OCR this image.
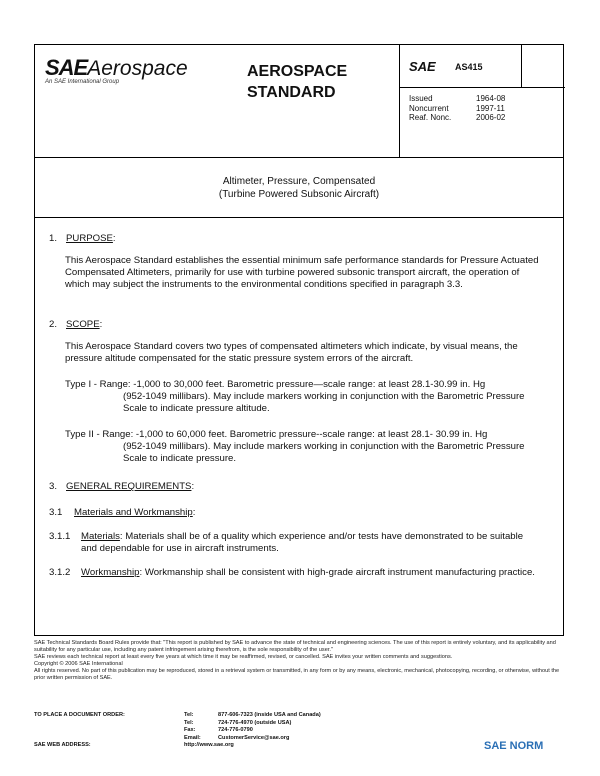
SAEAerospace
An SAE International Group
AEROSPACE
STANDARD
SAE AS415
Issued	1964-08
Noncurrent	1997-11
Reaf. Nonc.	2006-02
Altimeter, Pressure, Compensated
(Turbine Powered Subsonic Aircraft)
1. PURPOSE:
This Aerospace Standard establishes the essential minimum safe performance standards for Pressure Actuated Compensated Altimeters, primarily for use with turbine powered subsonic transport aircraft, the operation of which may subject the instruments to the environmental conditions specified in paragraph 3.3.
2. SCOPE:
This Aerospace Standard covers two types of compensated altimeters which indicate, by visual means, the pressure altitude compensated for the static pressure system errors of the aircraft.
Type I - Range: -1,000 to 30,000 feet. Barometric pressure—scale range: at least 28.1-30.99 in. Hg
(952-1049 millibars). May include markers working in conjunction with the Barometric Pressure Scale to indicate pressure altitude.
Type II - Range: -1,000 to 60,000 feet. Barometric pressure--scale range: at least 28.1- 30.99 in. Hg
(952-1049 millibars). May include markers working in conjunction with the Barometric Pressure Scale to indicate pressure.
3. GENERAL REQUIREMENTS:
3.1 Materials and Workmanship:
3.1.1	Materials: Materials shall be of a quality which experience and/or tests have demonstrated to be suitable and dependable for use in aircraft instruments.
3.1.2	Workmanship: Workmanship shall be consistent with high-grade aircraft instrument manufacturing practice.

SAE Technical Standards Board Rules provide that: "This report is published by SAE to advance the state of technical and engineering sciences. The use of this report is entirely voluntary, and its applicability and suitability for any particular use, including any patent infringement arising therefrom, is the sole responsibility of the user."

SAE reviews each technical report at least every five years at which time it may be reaffirmed, revised, or cancelled. SAE invites your written comments and suggestions.

Copyright © 2006 SAE International

All rights reserved. No part of this publication may be reproduced, stored in a retrieval system or transmitted, in any form or by any means, electronic, mechanical, photocopying, recording, or otherwise, without the prior written permission of SAE.

TO PLACE A DOCUMENT ORDER:	Tel:	877-606-7323 (inside USA and Canada)
Tel:	724-776-4970 (outside USA)
Fax:	724-776-0790
Email:	CustomerService@sae.org
SAE WEB ADDRESS:	http://www.sae.org	SAE NORM
